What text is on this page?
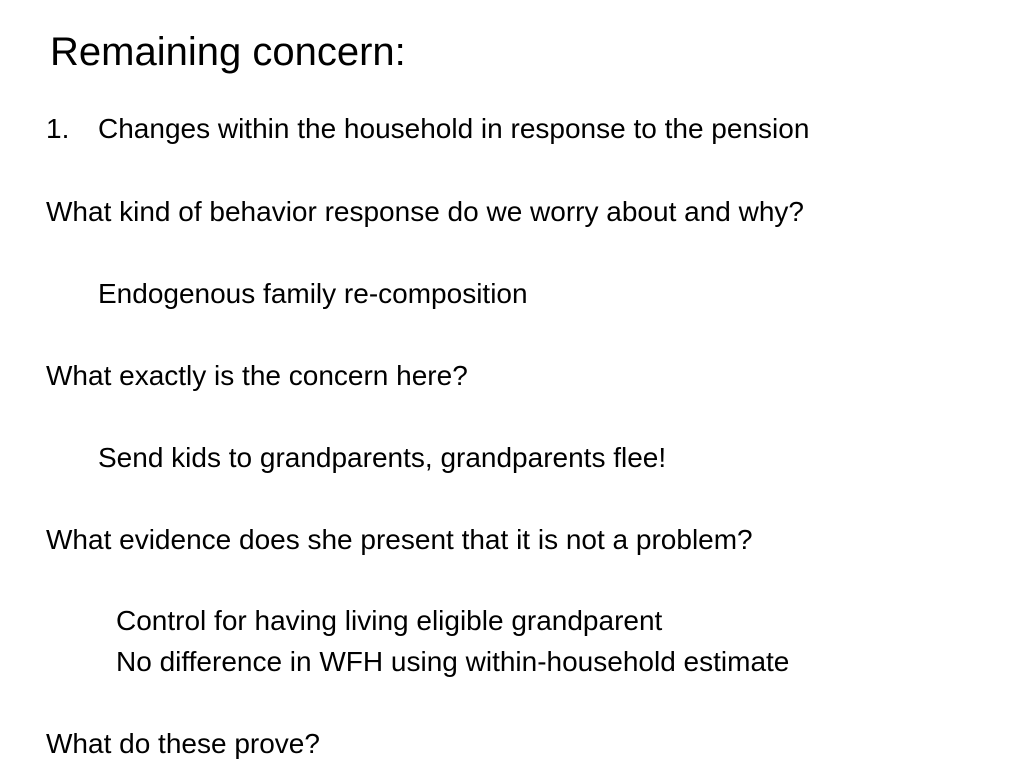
Remaining concern:
1. Changes within the household in response to the pension
What kind of behavior response do we worry about and why?
Endogenous family re-composition
What exactly is the concern here?
Send kids to grandparents, grandparents flee!
What evidence does she present that it is not a problem?
Control for having living eligible grandparent
No difference in WFH using within-household estimate
What do these prove?
